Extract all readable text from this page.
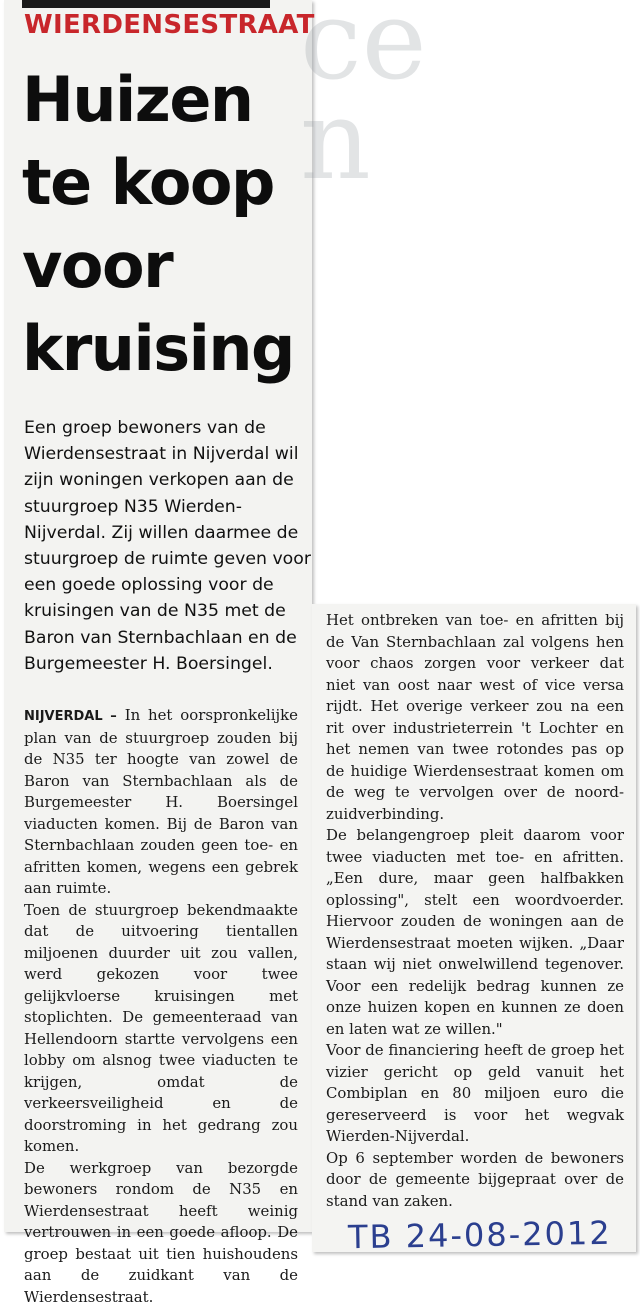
ce
n
WIERDENSESTRAAT
Huizen
te koop
voor
kruising

Een groep bewoners van de Wierdensestraat in Nijverdal wil zijn woningen verkopen aan de stuurgroep N35 Wierden-Nijverdal. Zij willen daarmee de stuurgroep de ruimte geven voor een goede oplossing voor de kruisingen van de N35 met de Baron van Sternbachlaan en de Burgemeester H. Boersingel.

NIJVERDAL – In het oorspronkelijke plan van de stuurgroep zouden bij de N35 ter hoogte van zowel de Baron van Sternbachlaan als de Burgemeester H. Boersingel viaducten komen. Bij de Baron van Sternbachlaan zouden geen toe- en afritten komen, wegens een gebrek aan ruimte.

Toen de stuurgroep bekendmaakte dat de uitvoering tientallen miljoenen duurder uit zou vallen, werd gekozen voor twee gelijkvloerse kruisingen met stoplichten. De gemeenteraad van Hellendoorn startte vervolgens een lobby om alsnog twee viaducten te krijgen, omdat de verkeersveiligheid en de doorstroming in het gedrang zou komen.

De werkgroep van bezorgde bewoners rondom de N35 en Wierdensestraat heeft weinig vertrouwen in een goede afloop. De groep bestaat uit tien huishoudens aan de zuidkant van de Wierdensestraat.

Het ontbreken van toe- en afritten bij de Van Sternbachlaan zal volgens hen voor chaos zorgen voor verkeer dat niet van oost naar west of vice versa rijdt. Het overige verkeer zou na een rit over industrieterrein 't Lochter en het nemen van twee rotondes pas op de huidige Wierdensestraat komen om de weg te vervolgen over de noord-zuidverbinding.

De belangengroep pleit daarom voor twee viaducten met toe- en afritten. „Een dure, maar geen halfbakken oplossing", stelt een woordvoerder. Hiervoor zouden de woningen aan de Wierdensestraat moeten wijken. „Daar staan wij niet onwelwillend tegenover. Voor een redelijk bedrag kunnen ze onze huizen kopen en kunnen ze doen en laten wat ze willen."

Voor de financiering heeft de groep het vizier gericht op geld vanuit het Combiplan en 80 miljoen euro die gereserveerd is voor het wegvak Wierden-Nijverdal.

Op 6 september worden de bewoners door de gemeente bijgepraat over de stand van zaken.

TB 24-08-2012
